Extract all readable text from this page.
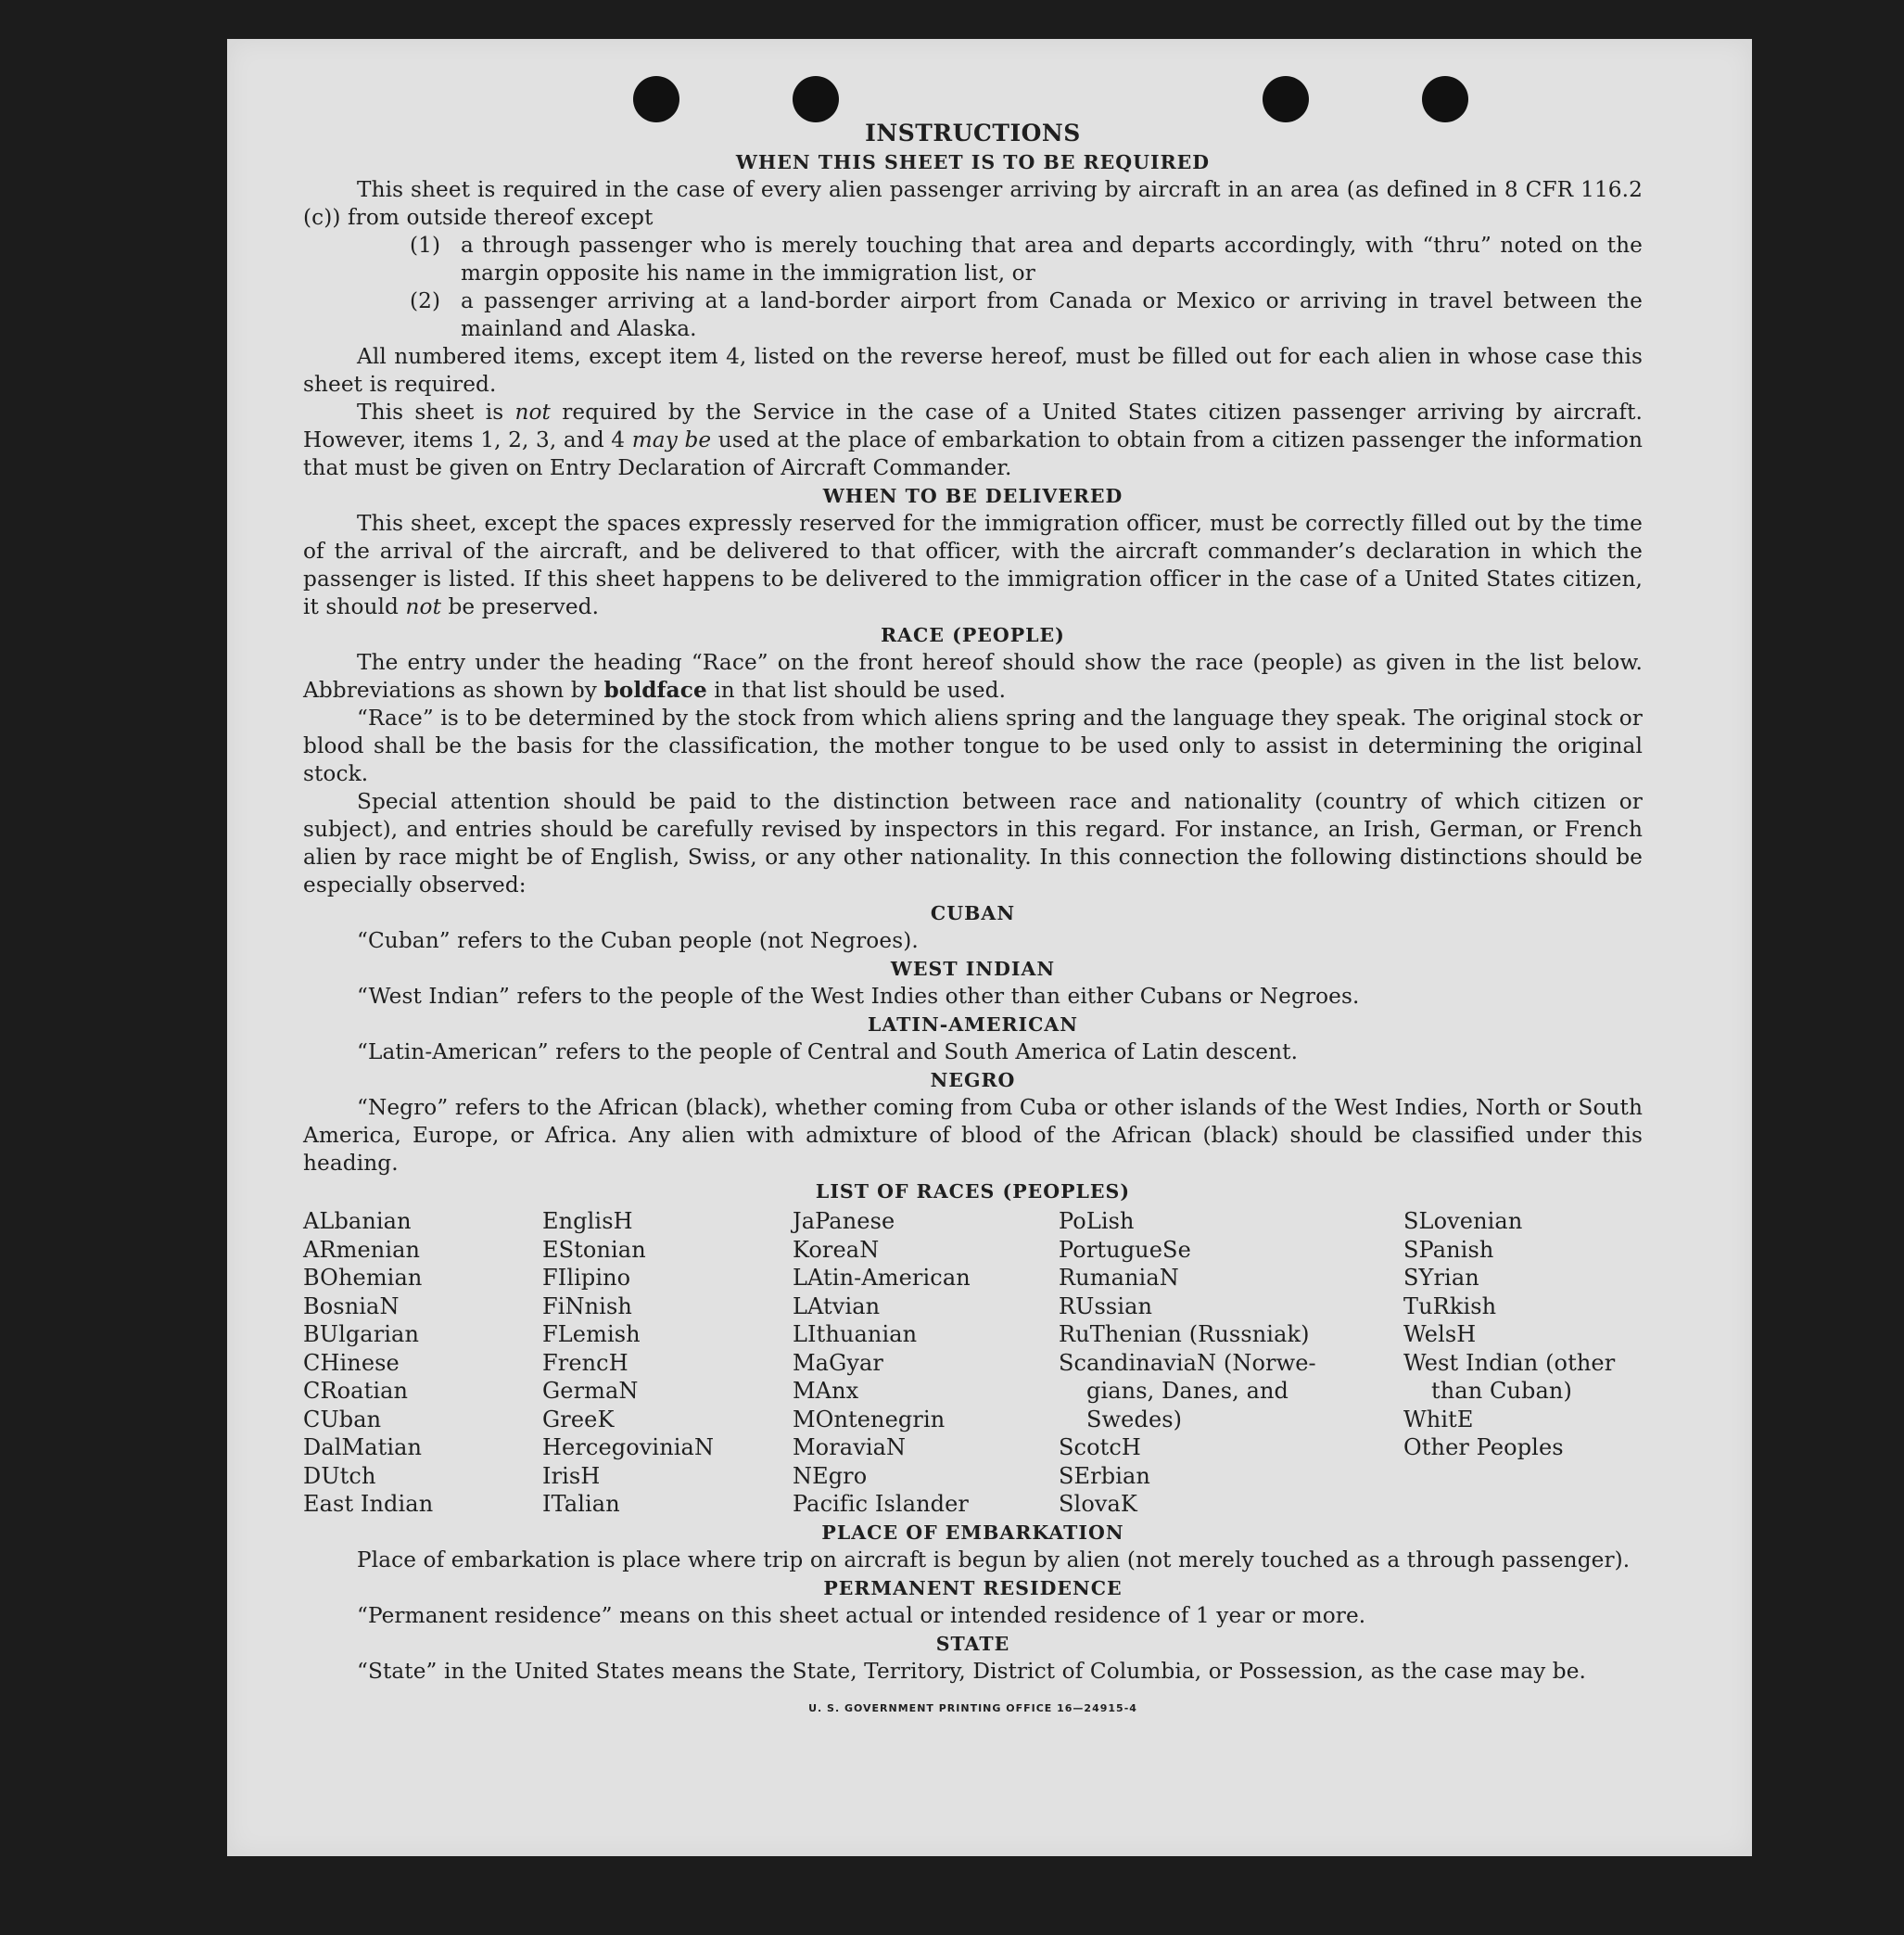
INSTRUCTIONS
WHEN THIS SHEET IS TO BE REQUIRED

This sheet is required in the case of every alien passenger arriving by aircraft in an area (as defined in 8 CFR 116.2 (c)) from outside thereof except

(1) a through passenger who is merely touching that area and departs accordingly, with “thru” noted on the margin opposite his name in the immigration list, or
(2) a passenger arriving at a land-border airport from Canada or Mexico or arriving in travel between the mainland and Alaska.

All numbered items, except item 4, listed on the reverse hereof, must be filled out for each alien in whose case this sheet is required.

This sheet is not required by the Service in the case of a United States citizen passenger arriving by aircraft. However, items 1, 2, 3, and 4 may be used at the place of embarkation to obtain from a citizen passenger the information that must be given on Entry Declaration of Aircraft Commander.

WHEN TO BE DELIVERED

This sheet, except the spaces expressly reserved for the immigration officer, must be correctly filled out by the time of the arrival of the aircraft, and be delivered to that officer, with the aircraft commander’s declaration in which the passenger is listed. If this sheet happens to be delivered to the immigration officer in the case of a United States citizen, it should not be preserved.

RACE (PEOPLE)

The entry under the heading “Race” on the front hereof should show the race (people) as given in the list below. Abbreviations as shown by boldface in that list should be used.

“Race” is to be determined by the stock from which aliens spring and the language they speak. The original stock or blood shall be the basis for the classification, the mother tongue to be used only to assist in determining the original stock.

Special attention should be paid to the distinction between race and nationality (country of which citizen or subject), and entries should be carefully revised by inspectors in this regard. For instance, an Irish, German, or French alien by race might be of English, Swiss, or any other nationality. In this connection the following distinctions should be especially observed:

CUBAN

“Cuban” refers to the Cuban people (not Negroes).

WEST INDIAN

“West Indian” refers to the people of the West Indies other than either Cubans or Negroes.

LATIN-AMERICAN

“Latin-American” refers to the people of Central and South America of Latin descent.

NEGRO

“Negro” refers to the African (black), whether coming from Cuba or other islands of the West Indies, North or South America, Europe, or Africa. Any alien with admixture of blood of the African (black) should be classified under this heading.

LIST OF RACES (PEOPLES)
ALbanian
ARmenian
BOhemian
BosniaN
BUlgarian
CHinese
CRoatian
CUban
DalMatian
DUtch
East Indian
EnglisH
EStonian
FIlipino
FiNnish
FLemish
FrencH
GermaN
GreeK
HercegoviniaN
IrisH
ITalian
JaPanese
KoreaN
LAtin-American
LAtvian
LIthuanian
MaGyar
MAnx
MOntenegrin
MoraviaN
NEgro
Pacific Islander
PoLish
PortugueSe
RumaniaN
RUssian
RuThenian (Russniak)
ScandinaviaN (Norwe-
gians, Danes, and Swedes)
ScotcH
SErbian
SlovaK
SLovenian
SPanish
SYrian
TuRkish
WelsH
West Indian (other
than Cuban)
WhitE
Other Peoples
PLACE OF EMBARKATION

Place of embarkation is place where trip on aircraft is begun by alien (not merely touched as a through passenger).

PERMANENT RESIDENCE

“Permanent residence” means on this sheet actual or intended residence of 1 year or more.

STATE

“State” in the United States means the State, Territory, District of Columbia, or Possession, as the case may be.

U. S. GOVERNMENT PRINTING OFFICE 16—24915-4
